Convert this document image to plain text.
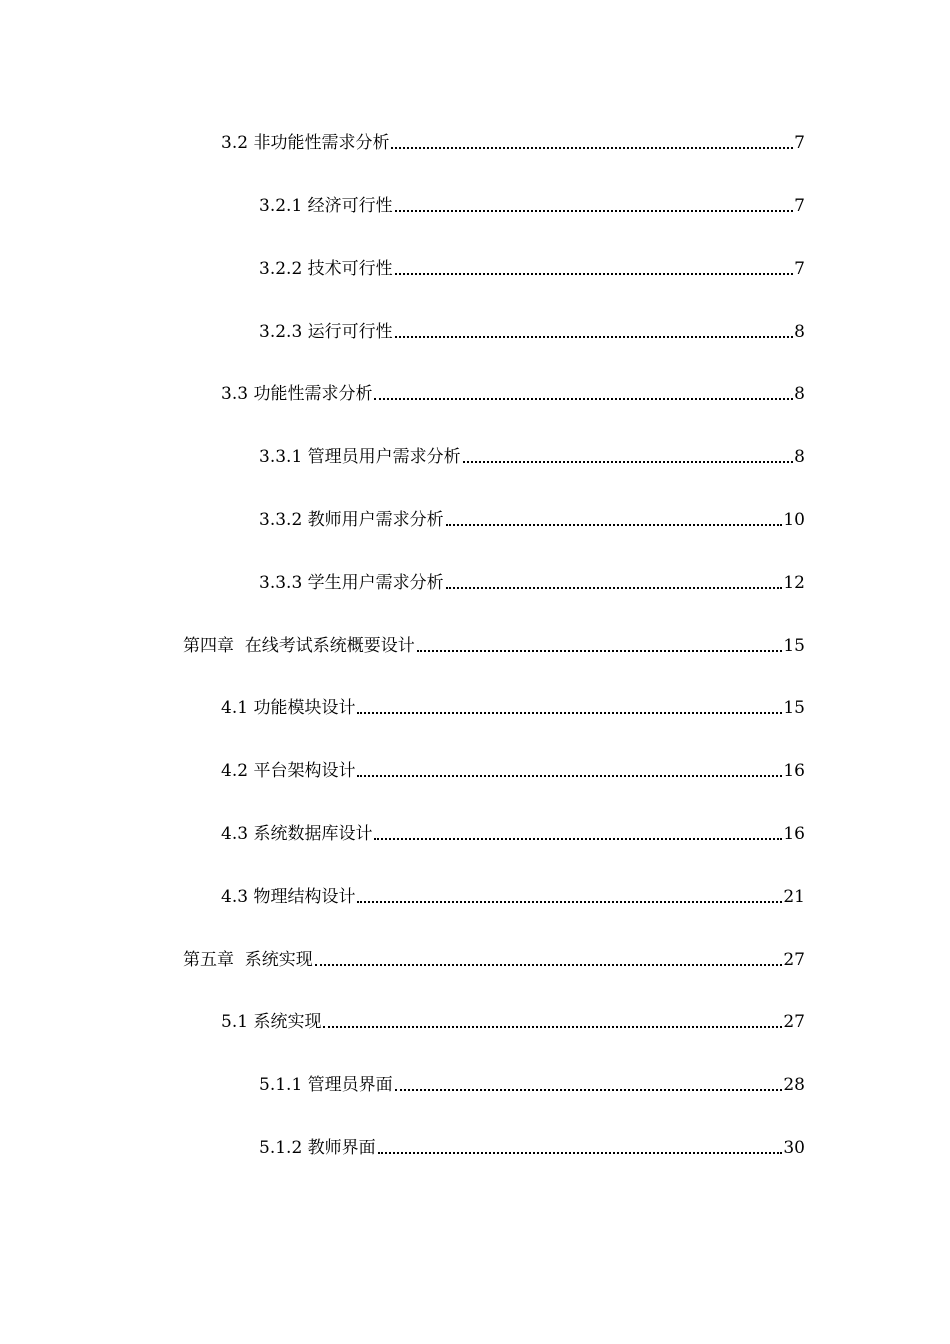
3.2 非功能性需求分析	7
3.2.1 经济可行性	7
3.2.2 技术可行性	7
3.2.3 运行可行性	8
3.3 功能性需求分析	8
3.3.1 管理员用户需求分析	8
3.3.2 教师用户需求分析	10
3.3.3 学生用户需求分析	12
第四章  在线考试系统概要设计	15
4.1 功能模块设计	15
4.2 平台架构设计	16
4.3 系统数据库设计	16
4.3 物理结构设计	21
第五章  系统实现	27
5.1 系统实现	27
5.1.1 管理员界面	28
5.1.2 教师界面	30
